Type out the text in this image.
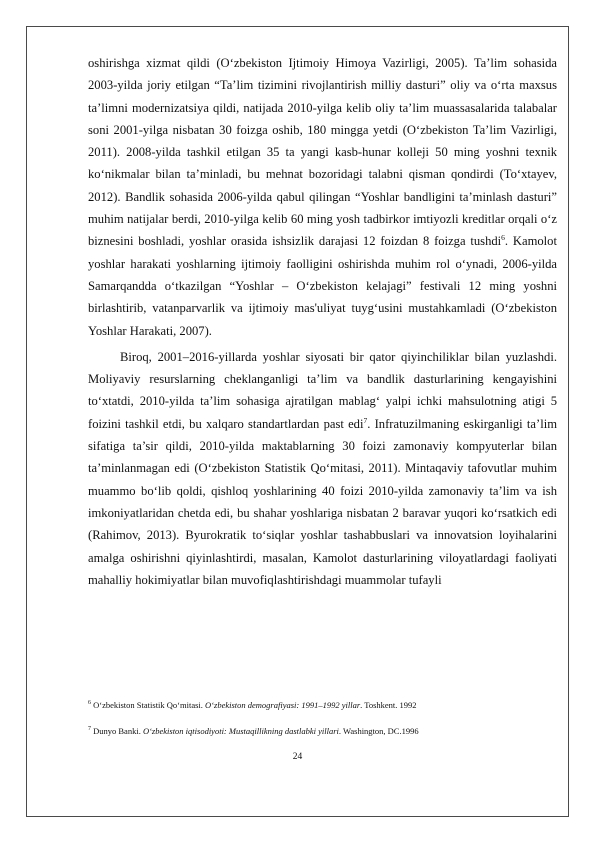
oshirishga xizmat qildi (O‘zbekiston Ijtimoiy Himoya Vazirligi, 2005). Ta’lim sohasida 2003-yilda joriy etilgan “Ta’lim tizimini rivojlantirish milliy dasturi” oliy va o‘rta maxsus ta’limni modernizatsiya qildi, natijada 2010-yilga kelib oliy ta’lim muassasalarida talabalar soni 2001-yilga nisbatan 30 foizga oshib, 180 mingga yetdi (O‘zbekiston Ta’lim Vazirligi, 2011). 2008-yilda tashkil etilgan 35 ta yangi kasb-hunar kolleji 50 ming yoshni texnik ko‘nikmalar bilan ta’minladi, bu mehnat bozoridagi talabni qisman qondirdi (To‘xtayev, 2012). Bandlik sohasida 2006-yilda qabul qilingan “Yoshlar bandligini ta’minlash dasturi” muhim natijalar berdi, 2010-yilga kelib 60 ming yosh tadbirkor imtiyozli kreditlar orqali o‘z biznesini boshladi, yoshlar orasida ishsizlik darajasi 12 foizdan 8 foizga tushdi$^6$. Kamolot yoshlar harakati yoshlarning ijtimoiy faolligini oshirishda muhim rol o‘ynadi, 2006-yilda Samarqandda o‘tkazilgan “Yoshlar – O‘zbekiston kelajagi” festivali 12 ming yoshni birlashtirib, vatanparvarlik va ijtimoiy mas'uliyat tuyg‘usini mustahkamladi (O‘zbekiston Yoshlar Harakati, 2007).

Biroq, 2001–2016-yillarda yoshlar siyosati bir qator qiyinchiliklar bilan yuzlashdi. Moliyaviy resurslarning cheklanganligi ta’lim va bandlik dasturlarining kengayishini to‘xtatdi, 2010-yilda ta’lim sohasiga ajratilgan mablag‘ yalpi ichki mahsulotning atigi 5 foizini tashkil etdi, bu xalqaro standartlardan past edi$^7$. Infratuzilmaning eskirganligi ta’lim sifatiga ta’sir qildi, 2010-yilda maktablarning 30 foizi zamonaviy kompyuterlar bilan ta’minlanmagan edi (O‘zbekiston Statistik Qo‘mitasi, 2011). Mintaqaviy tafovutlar muhim muammo bo‘lib qoldi, qishloq yoshlarining 40 foizi 2010-yilda zamonaviy ta’lim va ish imkoniyatlaridan chetda edi, bu shahar yoshlariga nisbatan 2 baravar yuqori ko‘rsatkich edi (Rahimov, 2013). Byurokratik to‘siqlar yoshlar tashabbuslari va innovatsion loyihalarini amalga oshirishni qiyinlashtirdi, masalan, Kamolot dasturlarining viloyatlardagi faoliyati mahalliy hokimiyatlar bilan muvofiqlashtirishdagi muammolar tufayli

$^6$ O‘zbekiston Statistik Qo‘mitasi. O‘zbekiston demografiyasi: 1991–1992 yillar. Toshkent. 1992

$^7$ Dunyo Banki. O‘zbekiston iqtisodiyoti: Mustaqillikning dastlabki yillari. Washington, DC.1996

24
